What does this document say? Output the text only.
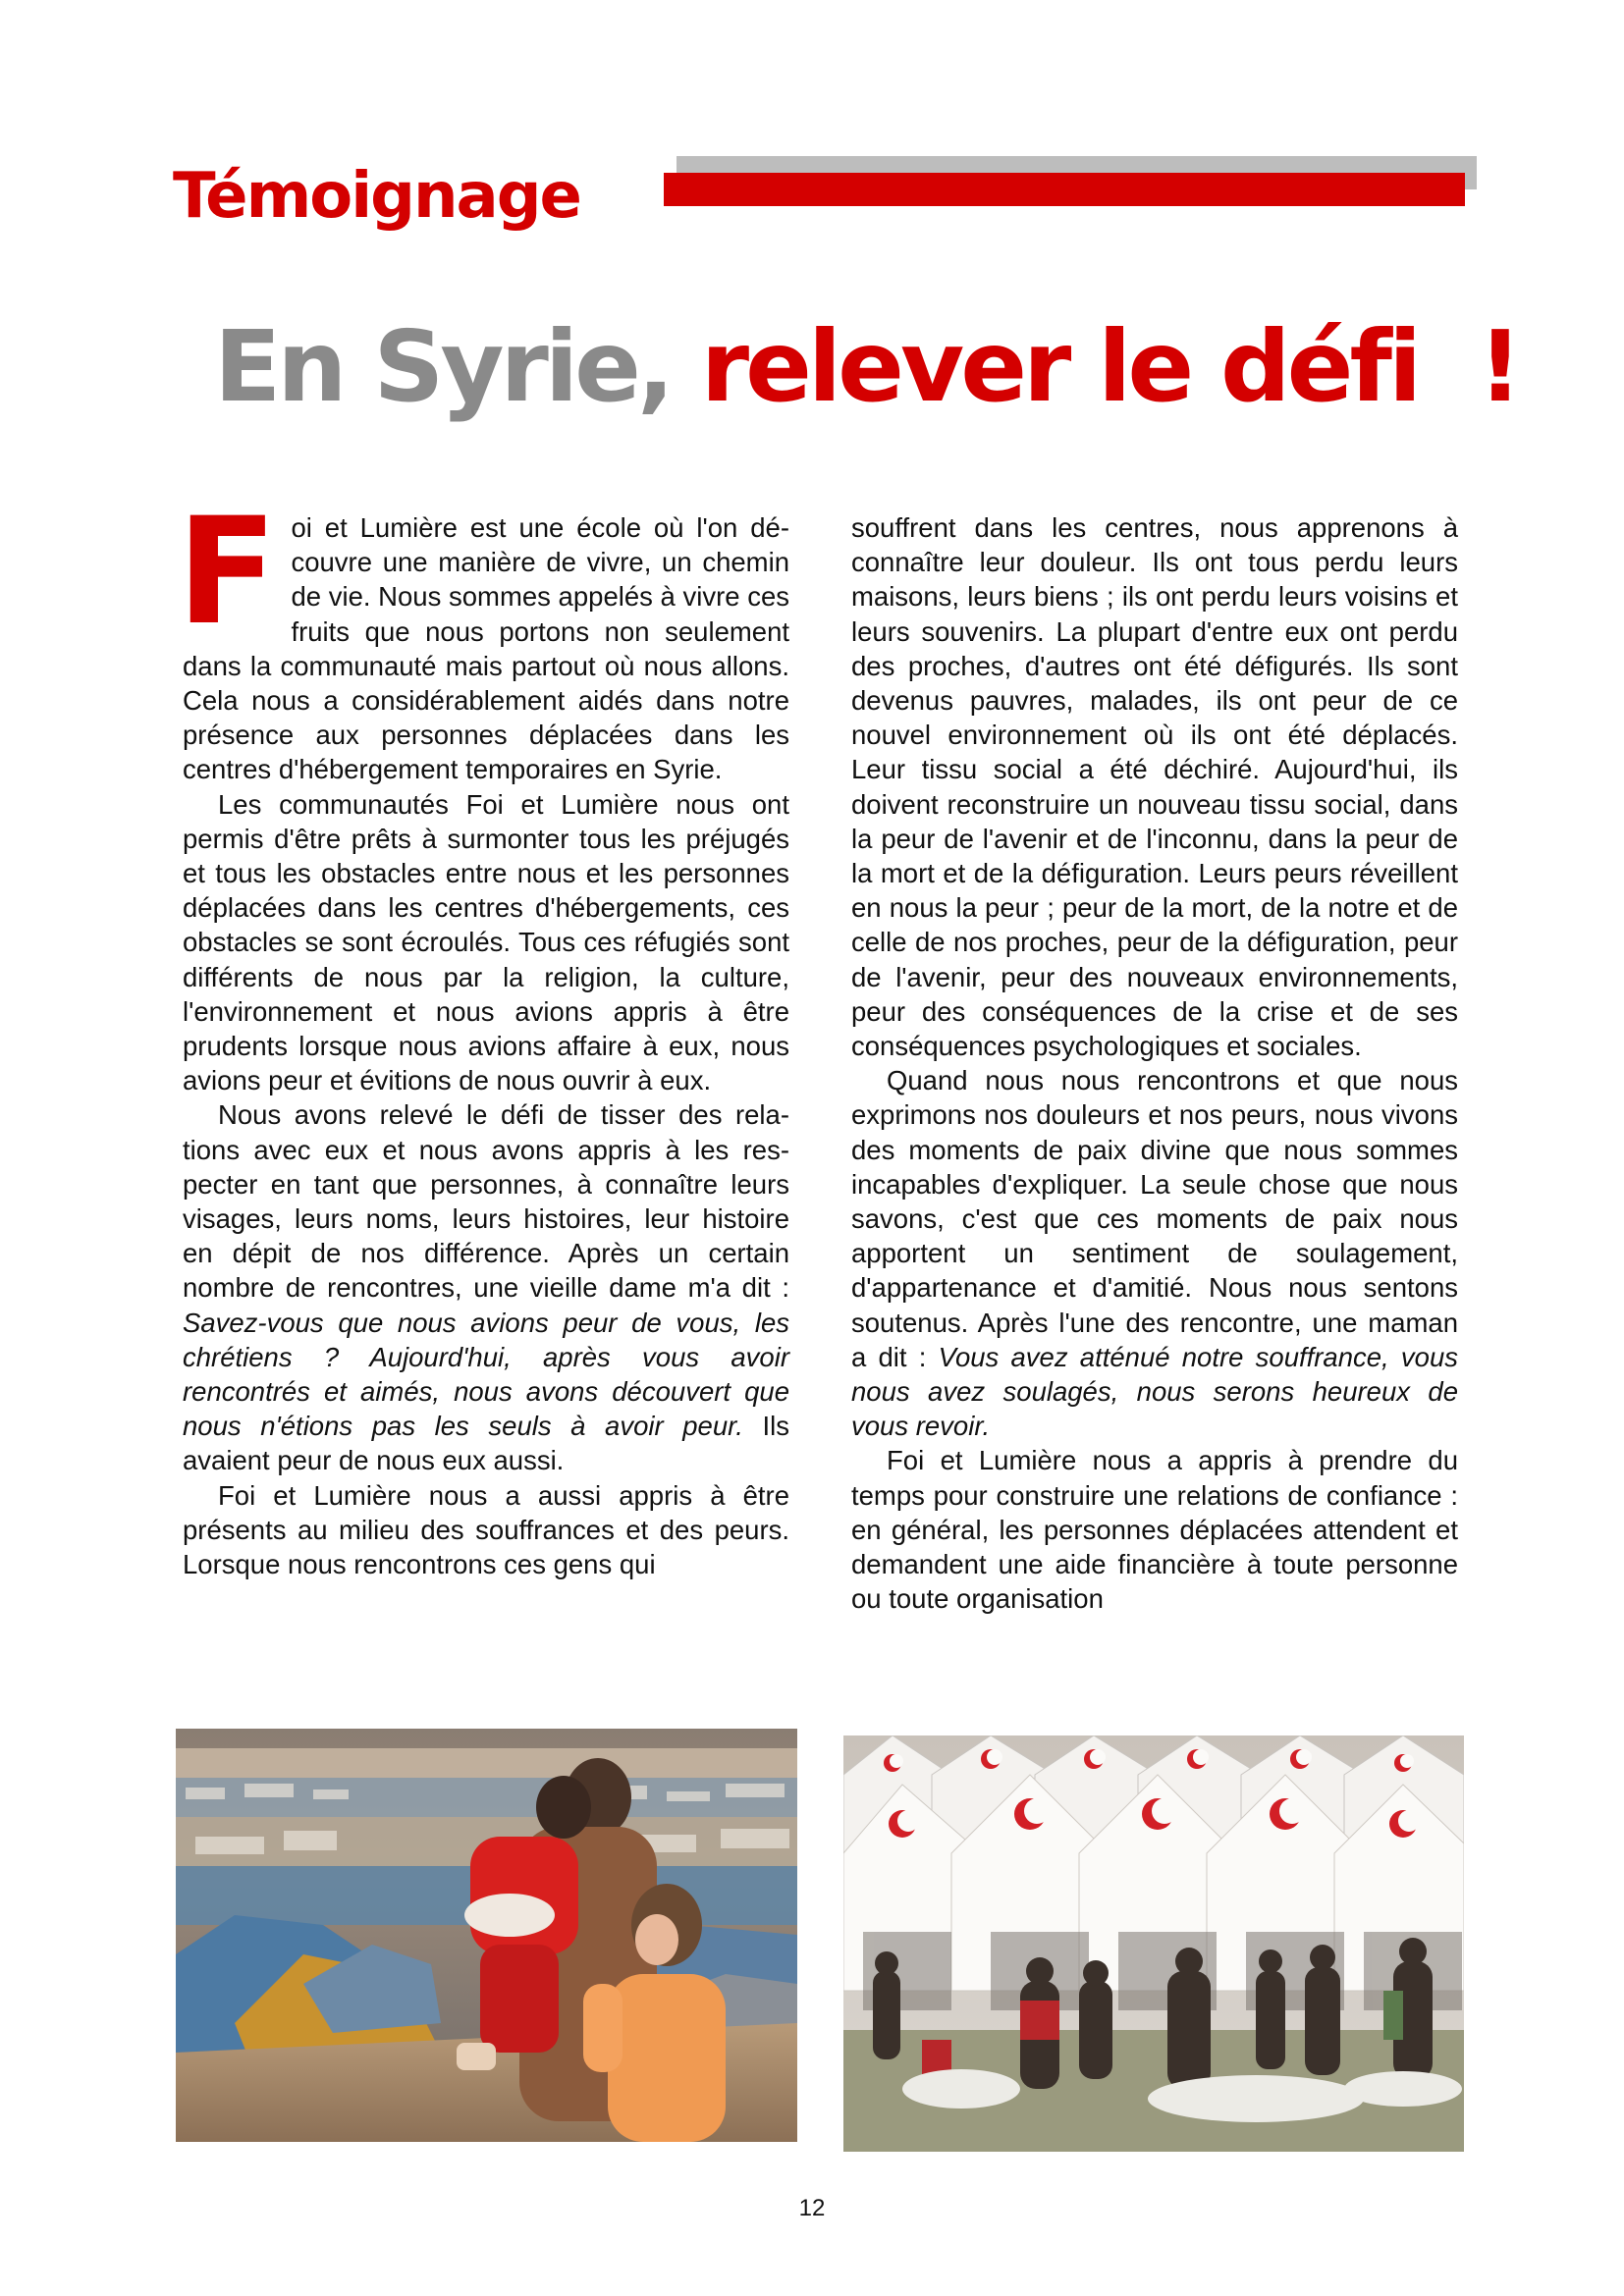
Témoignage
En Syrie, relever le défi !

Foi et Lumière est une école où l'on découvre une manière de vivre, un chemin de vie. Nous sommes appelés à vivre ces fruits que nous portons non seulement dans la communauté mais partout où nous allons. Cela nous a considérablement aidés dans notre présence aux personnes déplacées dans les centres d'hébergement temporaires en Syrie.

Les communautés Foi et Lumière nous ont permis d'être prêts à surmonter tous les préjugés et tous les obstacles entre nous et les personnes déplacées dans les centres d'hébergements, ces obstacles se sont écroulés. Tous ces réfugiés sont différents de nous par la religion, la culture, l'environnement et nous avions appris à être prudents lorsque nous avions affaire à eux, nous avions peur et évitions de nous ouvrir à eux.

Nous avons relevé le défi de tisser des relations avec eux et nous avons appris à les respecter en tant que personnes, à connaître leurs visages, leurs noms, leurs histoires, leur histoire en dépit de nos différence. Après un certain nombre de rencontres, une vieille dame m'a dit : Savez-vous que nous avions peur de vous, les chrétiens ? Aujourd'hui, après vous avoir rencontrés et aimés, nous avons découvert que nous n'étions pas les seuls à avoir peur. Ils avaient peur de nous eux aussi.

Foi et Lumière nous a aussi appris à être présents au milieu des souffrances et des peurs. Lorsque nous rencontrons ces gens qui

souffrent dans les centres, nous apprenons à connaître leur douleur. Ils ont tous perdu leurs maisons, leurs biens ; ils ont perdu leurs voisins et leurs souvenirs. La plupart d'entre eux ont perdu des proches, d'autres ont été défigurés. Ils sont devenus pauvres, malades, ils ont peur de ce nouvel environnement où ils ont été déplacés. Leur tissu social a été déchiré. Aujourd'hui, ils doivent reconstruire un nouveau tissu social, dans la peur de l'avenir et de l'inconnu, dans la peur de la mort et de la défiguration. Leurs peurs réveillent en nous la peur ; peur de la mort, de la notre et de celle de nos proches, peur de la défiguration, peur de l'avenir, peur des nouveaux environnements, peur des conséquences de la crise et de ses conséquences psychologiques et sociales.

Quand nous nous rencontrons et que nous exprimons nos douleurs et nos peurs, nous vivons des moments de paix divine que nous sommes incapables d'expliquer. La seule chose que nous savons, c'est que ces moments de paix nous apportent un sentiment de soulagement, d'appartenance et d'amitié. Nous nous sentons soutenus. Après l'une des rencontre, une maman a dit : Vous avez atténué notre souffrance, vous nous avez soulagés, nous serons heureux de vous revoir.

Foi et Lumière nous a appris à prendre du temps pour construire une relations de confiance : en général, les personnes déplacées attendent et demandent une aide financière à toute personne ou toute organisation

12
